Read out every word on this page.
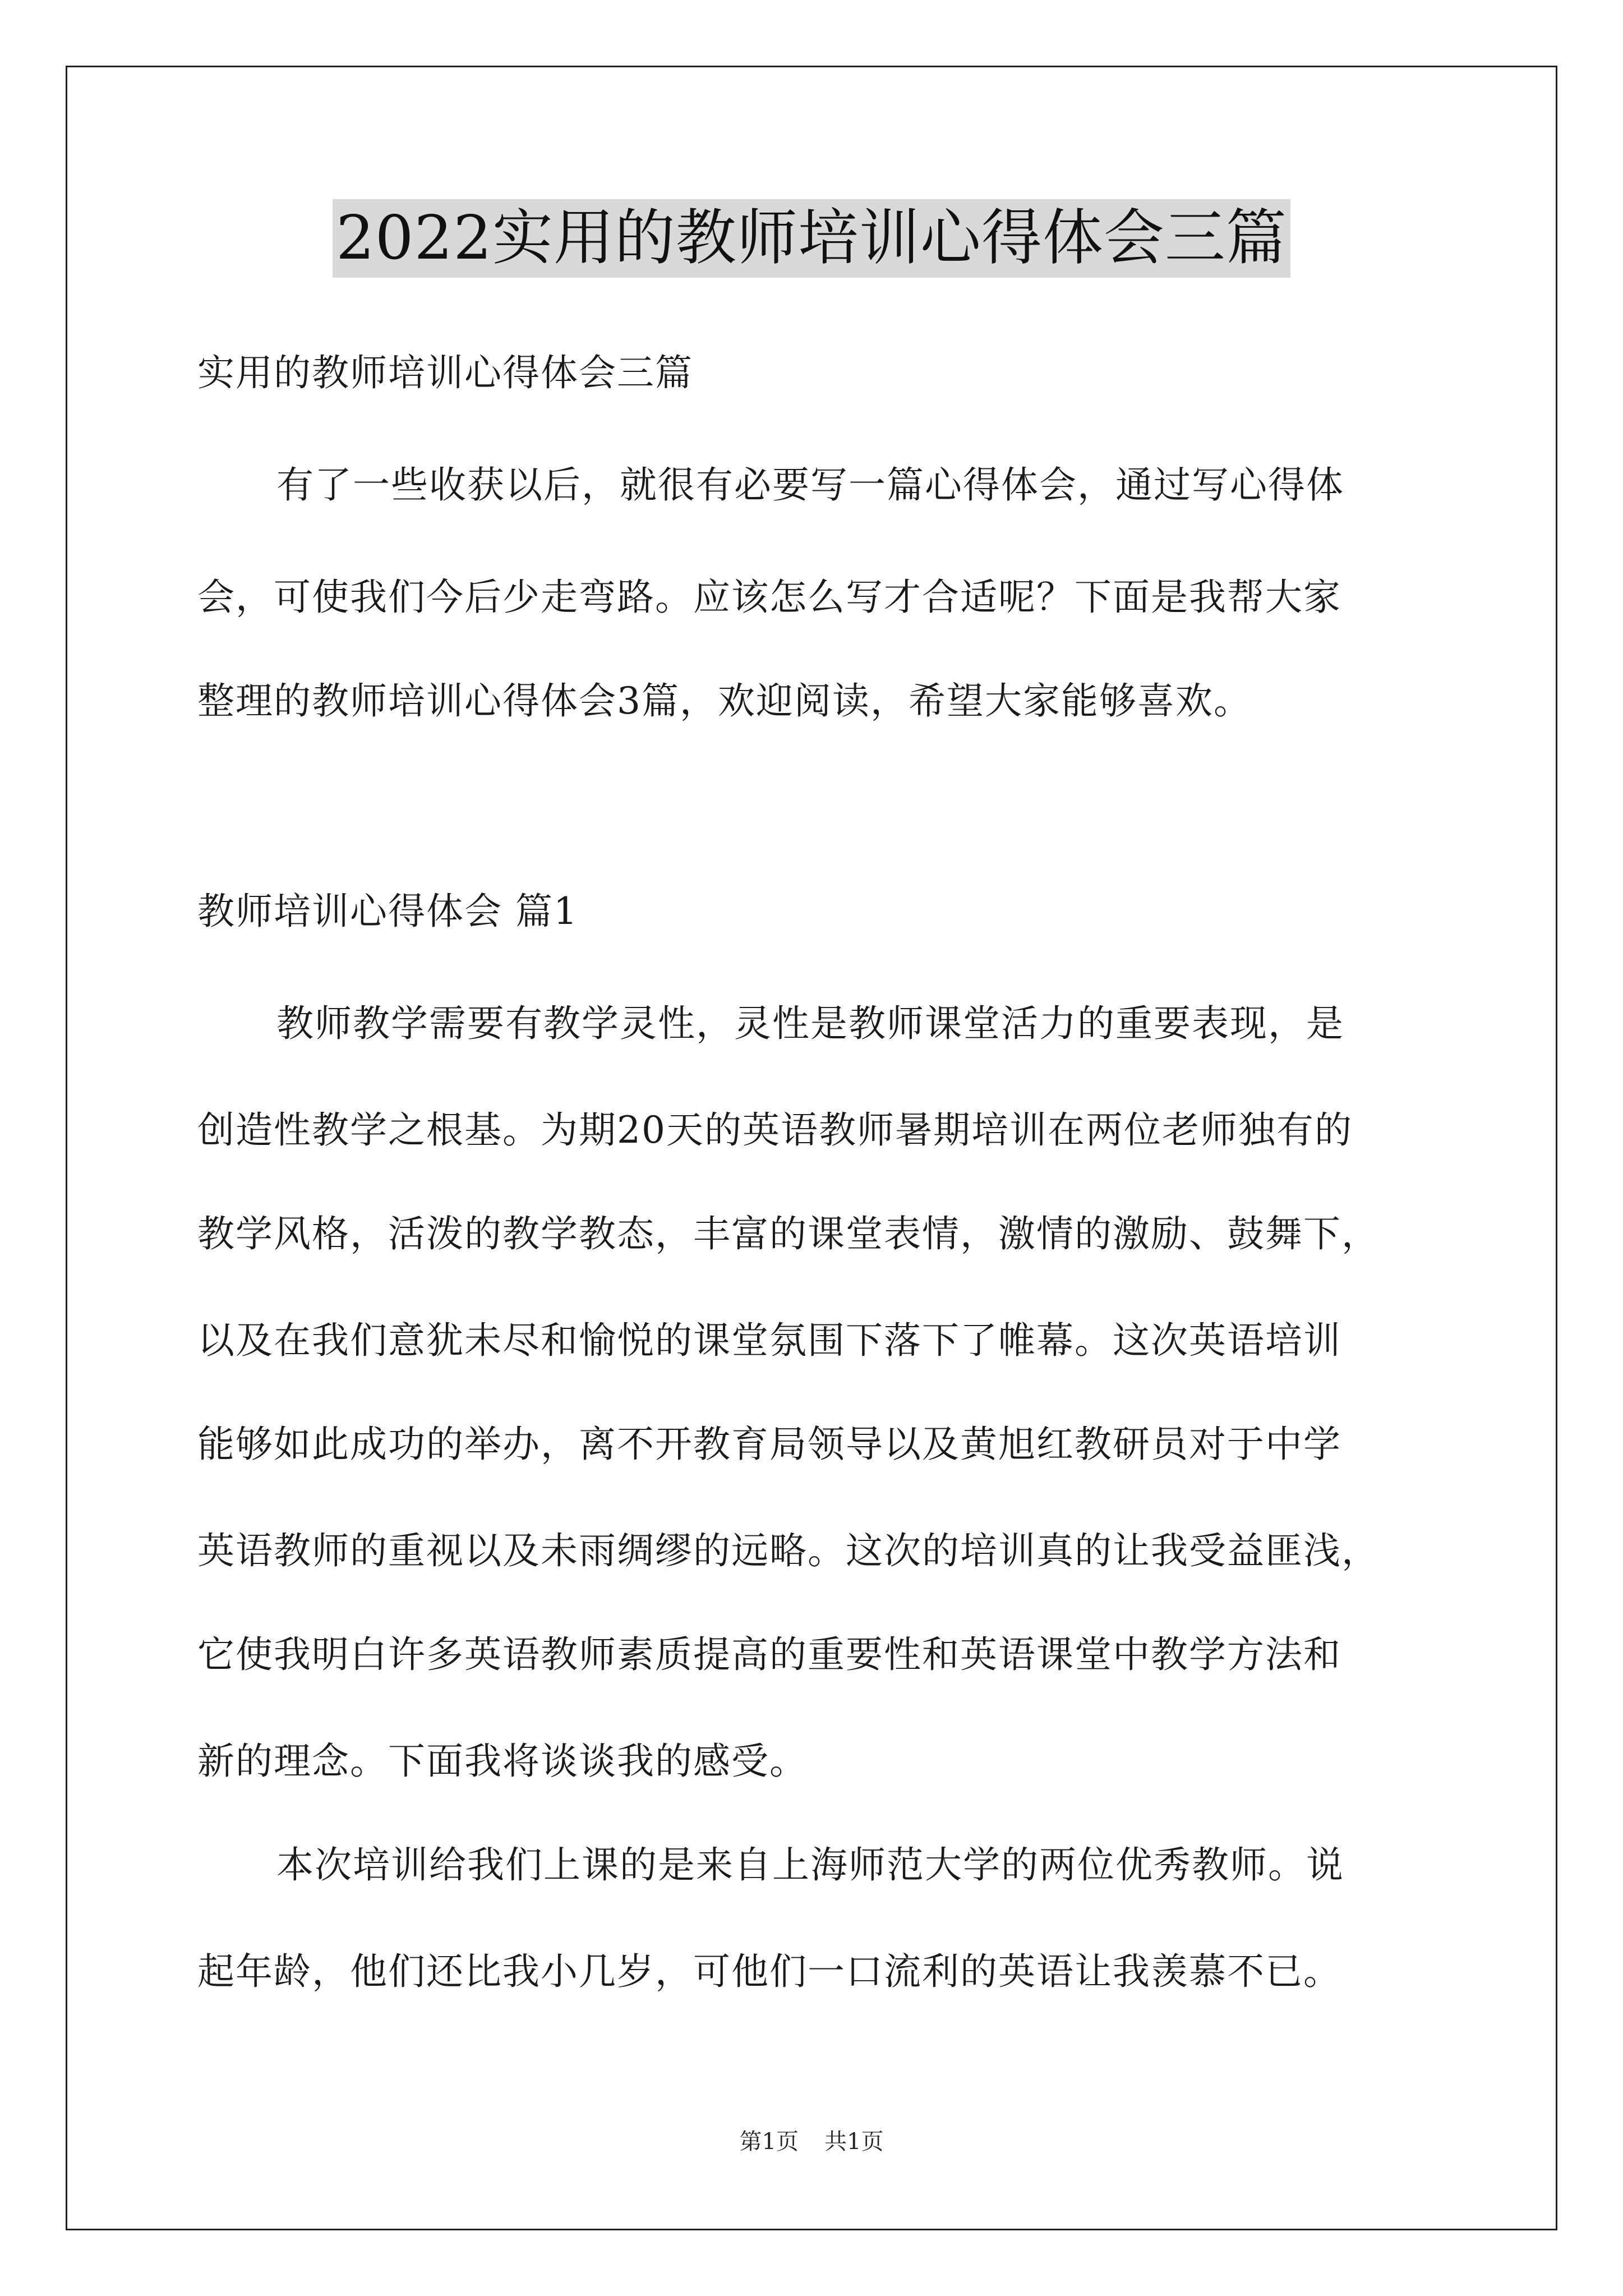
2022实用的教师培训心得体会三篇
实用的教师培训心得体会三篇
有了一些收获以后，就很有必要写一篇心得体会，通过写心得体
会，可使我们今后少走弯路。应该怎么写才合适呢？下面是我帮大家
整理的教师培训心得体会3篇，欢迎阅读，希望大家能够喜欢。
教师培训心得体会 篇1
教师教学需要有教学灵性，灵性是教师课堂活力的重要表现，是
创造性教学之根基。为期20天的英语教师暑期培训在两位老师独有的
教学风格，活泼的教学教态，丰富的课堂表情，激情的激励、鼓舞下，
以及在我们意犹未尽和愉悦的课堂氛围下落下了帷幕。这次英语培训
能够如此成功的举办，离不开教育局领导以及黄旭红教研员对于中学
英语教师的重视以及未雨绸缪的远略。这次的培训真的让我受益匪浅，
它使我明白许多英语教师素质提高的重要性和英语课堂中教学方法和
新的理念。下面我将谈谈我的感受。
本次培训给我们上课的是来自上海师范大学的两位优秀教师。说
起年龄，他们还比我小几岁，可他们一口流利的英语让我羡慕不已。
第1页 共1页
